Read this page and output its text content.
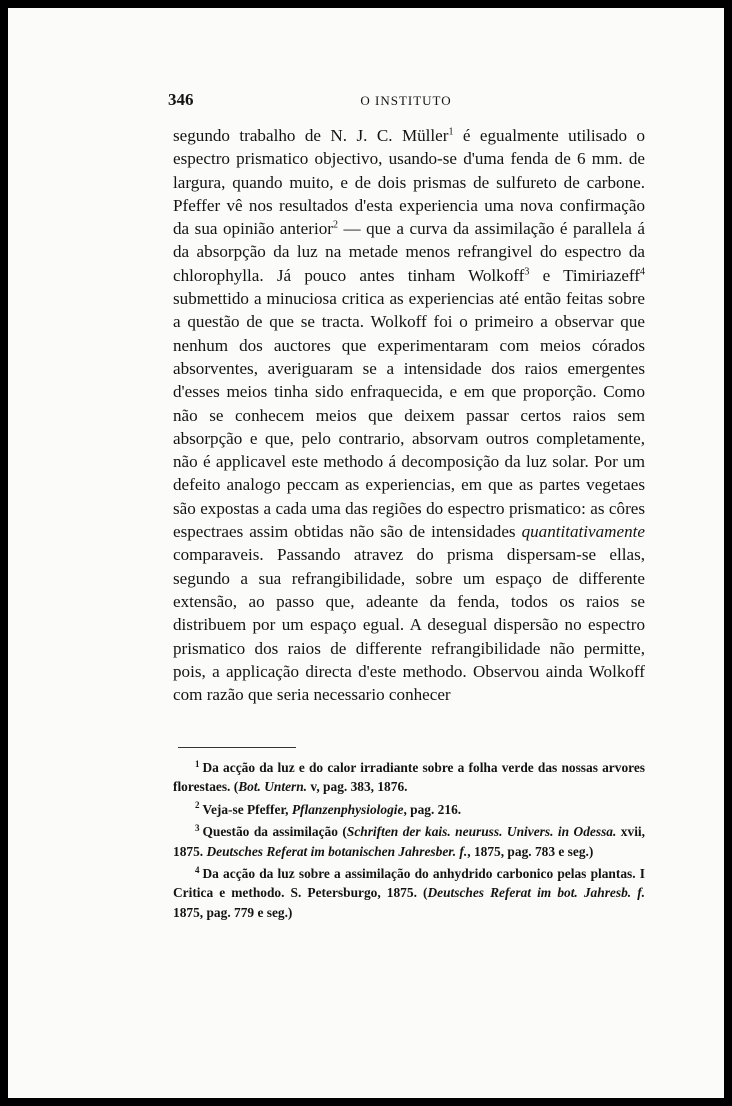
346	O INSTITUTO

segundo trabalho de N. J. C. Müller$^1$ é egualmente utilisado o espectro prismatico objectivo, usando-se d'uma fenda de 6 mm. de largura, quando muito, e de dois prismas de sulfureto de carbone. Pfeffer vê nos resultados d'esta experiencia uma nova confirmação da sua opinião anterior$^2$ — que a curva da assimilação é parallela á da absorpção da luz na metade menos refrangivel do espectro da chlorophylla. Já pouco antes tinham Wolkoff$^3$ e Timiriazeff$^4$ submettido a minuciosa critica as experiencias até então feitas sobre a questão de que se tracta. Wolkoff foi o primeiro a observar que nenhum dos auctores que experimentaram com meios córados absorventes, averiguaram se a intensidade dos raios emergentes d'esses meios tinha sido enfraquecida, e em que proporção. Como não se conhecem meios que deixem passar certos raios sem absorpção e que, pelo contrario, absorvam outros completamente, não é applicavel este methodo á decomposição da luz solar. Por um defeito analogo peccam as experiencias, em que as partes vegetaes são expostas a cada uma das regiões do espectro prismatico: as côres espectraes assim obtidas não são de intensidades quantitativamente comparaveis. Passando atravez do prisma dispersam-se ellas, segundo a sua refrangibilidade, sobre um espaço de differente extensão, ao passo que, adeante da fenda, todos os raios se distribuem por um espaço egual. A desegual dispersão no espectro prismatico dos raios de differente refrangibilidade não permitte, pois, a applicação directa d'este methodo. Observou ainda Wolkoff com razão que seria necessario conhecer

$^1$ Da acção da luz e do calor irradiante sobre a folha verde das nossas arvores florestaes. (Bot. Untern. v, pag. 383, 1876.

$^2$ Veja-se Pfeffer, Pflanzenphysiologie, pag. 216.

$^3$ Questão da assimilação (Schriften der kais. neuruss. Univers. in Odessa. xvii, 1875. Deutsches Referat im botanischen Jahresber. f., 1875, pag. 783 e seg.)

$^4$ Da acção da luz sobre a assimilação do anhydrido carbonico pelas plantas. I Critica e methodo. S. Petersburgo, 1875. (Deutsches Referat im bot. Jahresb. f. 1875, pag. 779 e seg.)
